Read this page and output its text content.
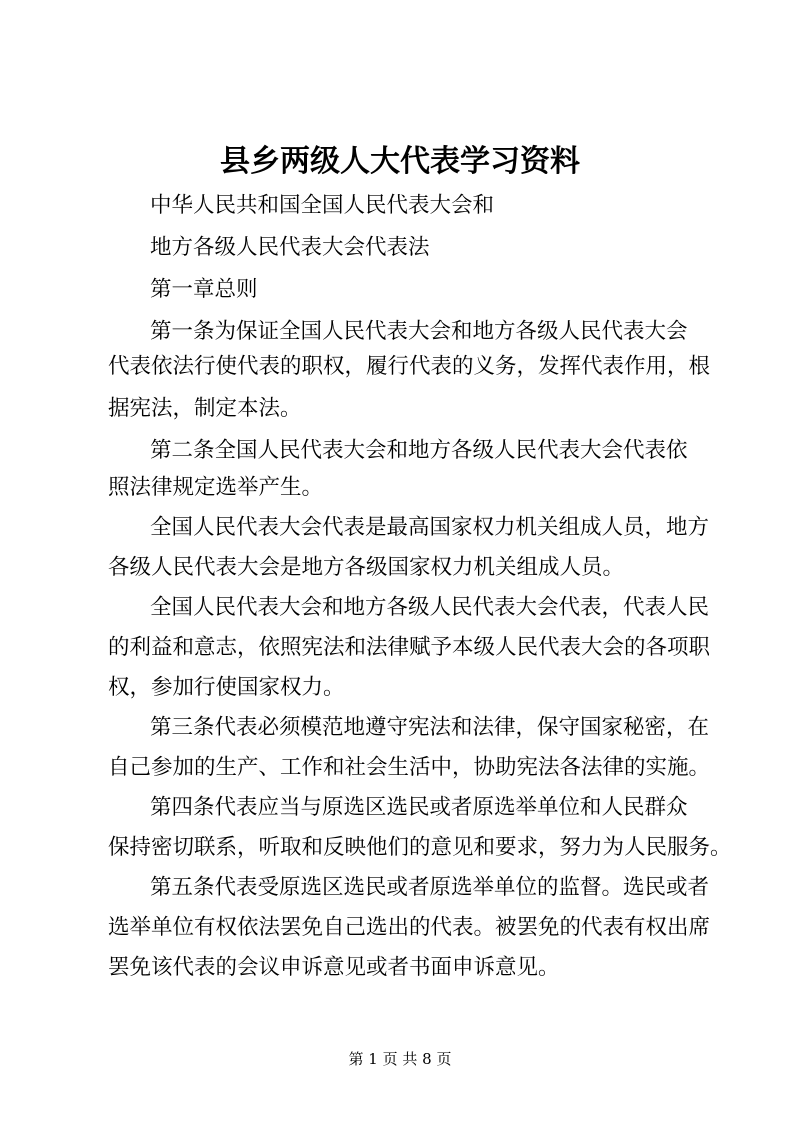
县乡两级人大代表学习资料
中华人民共和国全国人民代表大会和
地方各级人民代表大会代表法
第一章总则
第一条为保证全国人民代表大会和地方各级人民代表大会
代表依法行使代表的职权，履行代表的义务，发挥代表作用，根
据宪法，制定本法。
第二条全国人民代表大会和地方各级人民代表大会代表依
照法律规定选举产生。
全国人民代表大会代表是最高国家权力机关组成人员，地方
各级人民代表大会是地方各级国家权力机关组成人员。
全国人民代表大会和地方各级人民代表大会代表，代表人民
的利益和意志，依照宪法和法律赋予本级人民代表大会的各项职
权，参加行使国家权力。
第三条代表必须模范地遵守宪法和法律，保守国家秘密，在
自己参加的生产、工作和社会生活中，协助宪法各法律的实施。
第四条代表应当与原选区选民或者原选举单位和人民群众
保持密切联系，听取和反映他们的意见和要求，努力为人民服务。
第五条代表受原选区选民或者原选举单位的监督。选民或者
选举单位有权依法罢免自己选出的代表。被罢免的代表有权出席
罢免该代表的会议申诉意见或者书面申诉意见。
第 1 页 共 8 页
